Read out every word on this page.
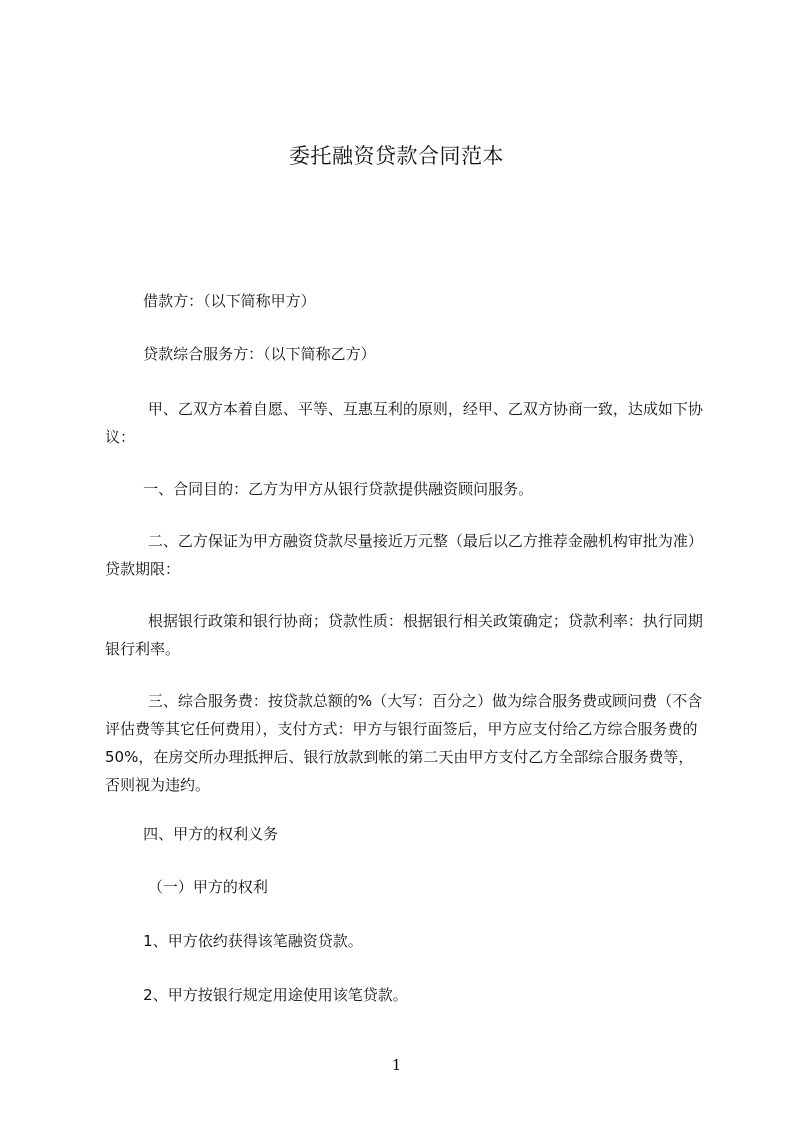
委托融资贷款合同范本

借款方：（以下简称甲方）

贷款综合服务方：（以下简称乙方）

甲、乙双方本着自愿、平等、互惠互利的原则，经甲、乙双方协商一致，达成如下协议：

一、合同目的：乙方为甲方从银行贷款提供融资顾问服务。

二、乙方保证为甲方融资贷款尽量接近万元整（最后以乙方推荐金融机构审批为准）贷款期限：

根据银行政策和银行协商；贷款性质：根据银行相关政策确定；贷款利率：执行同期银行利率。

三、综合服务费：按贷款总额的%（大写：百分之）做为综合服务费或顾问费（不含评估费等其它任何费用），支付方式：甲方与银行面签后，甲方应支付给乙方综合服务费的50%，在房交所办理抵押后、银行放款到帐的第二天由甲方支付乙方全部综合服务费等，否则视为违约。

四、甲方的权利义务

（一）甲方的权利

1、甲方依约获得该笔融资贷款。

2、甲方按银行规定用途使用该笔贷款。

1
